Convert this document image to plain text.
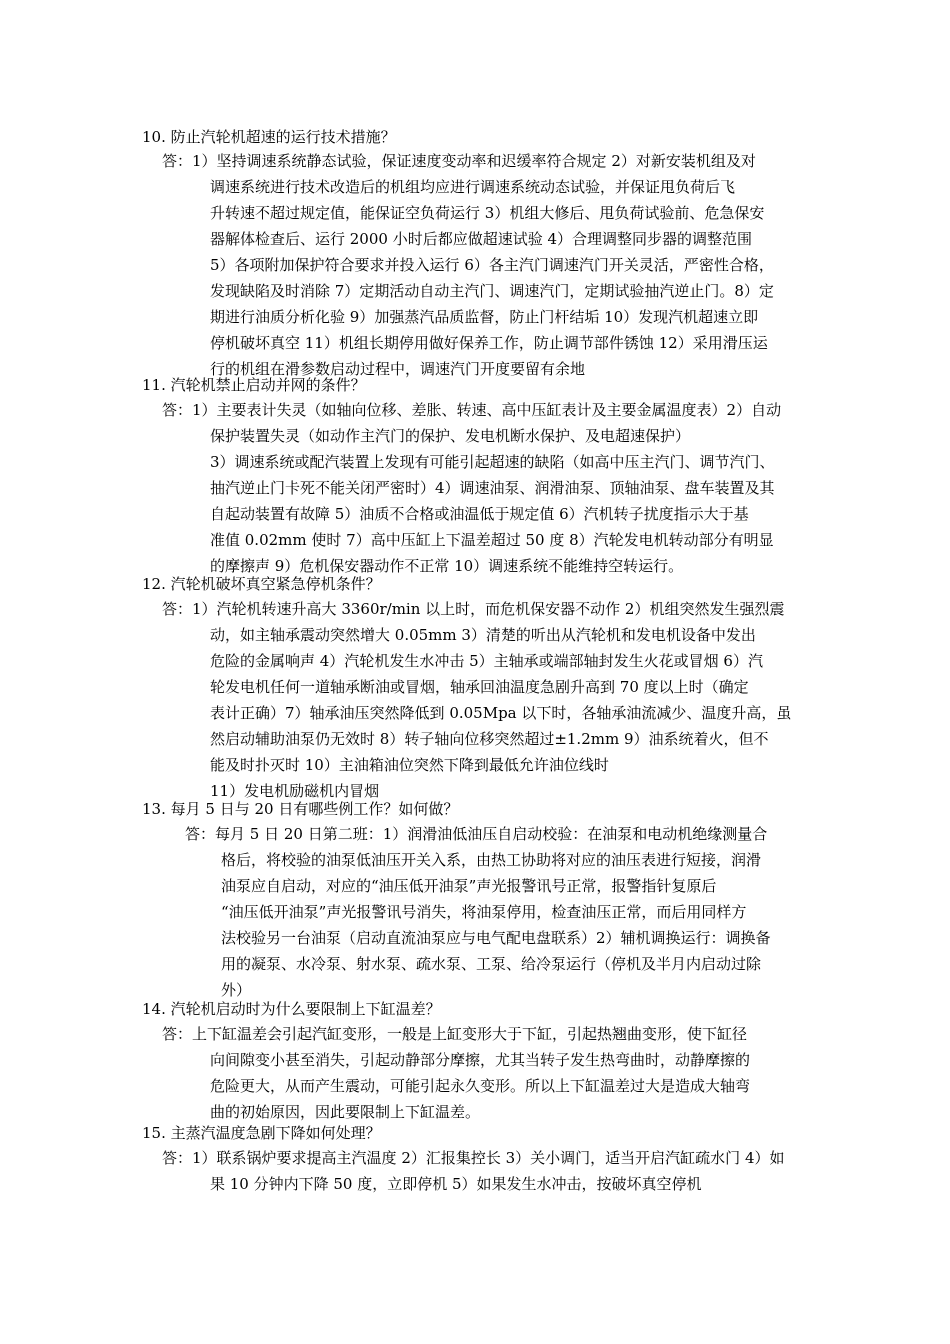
10. 防止汽轮机超速的运行技术措施？
答：1）坚持调速系统静态试验，保证速度变动率和迟缓率符合规定 2）对新安装机组及对
调速系统进行技术改造后的机组均应进行调速系统动态试验，并保证甩负荷后飞
升转速不超过规定值，能保证空负荷运行 3）机组大修后、甩负荷试验前、危急保安
器解体检查后、运行 2000 小时后都应做超速试验 4）合理调整同步器的调整范围
5）各项附加保护符合要求并投入运行 6）各主汽门调速汽门开关灵活，严密性合格，
发现缺陷及时消除 7）定期活动自动主汽门、调速汽门，定期试验抽汽逆止门。8）定
期进行油质分析化验 9）加强蒸汽品质监督，防止门杆结垢 10）发现汽机超速立即
停机破坏真空 11）机组长期停用做好保养工作，防止调节部件锈蚀 12）采用滑压运
行的机组在滑参数启动过程中，调速汽门开度要留有余地
11. 汽轮机禁止启动并网的条件？
答：1）主要表计失灵（如轴向位移、差胀、转速、高中压缸表计及主要金属温度表）2）自动
保护装置失灵（如动作主汽门的保护、发电机断水保护、及电超速保护）
3）调速系统或配汽装置上发现有可能引起超速的缺陷（如高中压主汽门、调节汽门、
抽汽逆止门卡死不能关闭严密时）4）调速油泵、润滑油泵、顶轴油泵、盘车装置及其
自起动装置有故障 5）油质不合格或油温低于规定值 6）汽机转子扰度指示大于基
准值 0.02mm 使时 7）高中压缸上下温差超过 50 度 8）汽轮发电机转动部分有明显
的摩擦声 9）危机保安器动作不正常 10）调速系统不能维持空转运行。
12. 汽轮机破坏真空紧急停机条件？
答：1）汽轮机转速升高大 3360r/min 以上时，而危机保安器不动作 2）机组突然发生强烈震
动，如主轴承震动突然增大 0.05mm 3）清楚的听出从汽轮机和发电机设备中发出
危险的金属响声 4）汽轮机发生水冲击 5）主轴承或端部轴封发生火花或冒烟 6）汽
轮发电机任何一道轴承断油或冒烟，轴承回油温度急剧升高到 70 度以上时（确定
表计正确）7）轴承油压突然降低到 0.05Mpa 以下时，各轴承油流减少、温度升高，虽
然启动辅助油泵仍无效时 8）转子轴向位移突然超过±1.2mm 9）油系统着火，但不
能及时扑灭时 10）主油箱油位突然下降到最低允许油位线时
11）发电机励磁机内冒烟
13. 每月 5 日与 20 日有哪些例工作？如何做？
答：每月 5 日 20 日第二班：1）润滑油低油压自启动校验：在油泵和电动机绝缘测量合
格后，将校验的油泵低油压开关入系，由热工协助将对应的油压表进行短接，润滑
油泵应自启动，对应的“油压低开油泵”声光报警讯号正常，报警指针复原后
“油压低开油泵”声光报警讯号消失，将油泵停用，检查油压正常，而后用同样方
法校验另一台油泵（启动直流油泵应与电气配电盘联系）2）辅机调换运行：调换备
用的凝泵、水冷泵、射水泵、疏水泵、工泵、给冷泵运行（停机及半月内启动过除
外）
14. 汽轮机启动时为什么要限制上下缸温差？
答：上下缸温差会引起汽缸变形，一般是上缸变形大于下缸，引起热翘曲变形，使下缸径
向间隙变小甚至消失，引起动静部分摩擦，尤其当转子发生热弯曲时，动静摩擦的
危险更大，从而产生震动，可能引起永久变形。所以上下缸温差过大是造成大轴弯
曲的初始原因，因此要限制上下缸温差。
15. 主蒸汽温度急剧下降如何处理？
答：1）联系锅炉要求提高主汽温度 2）汇报集控长 3）关小调门，适当开启汽缸疏水门 4）如
果 10 分钟内下降 50 度，立即停机 5）如果发生水冲击，按破坏真空停机
